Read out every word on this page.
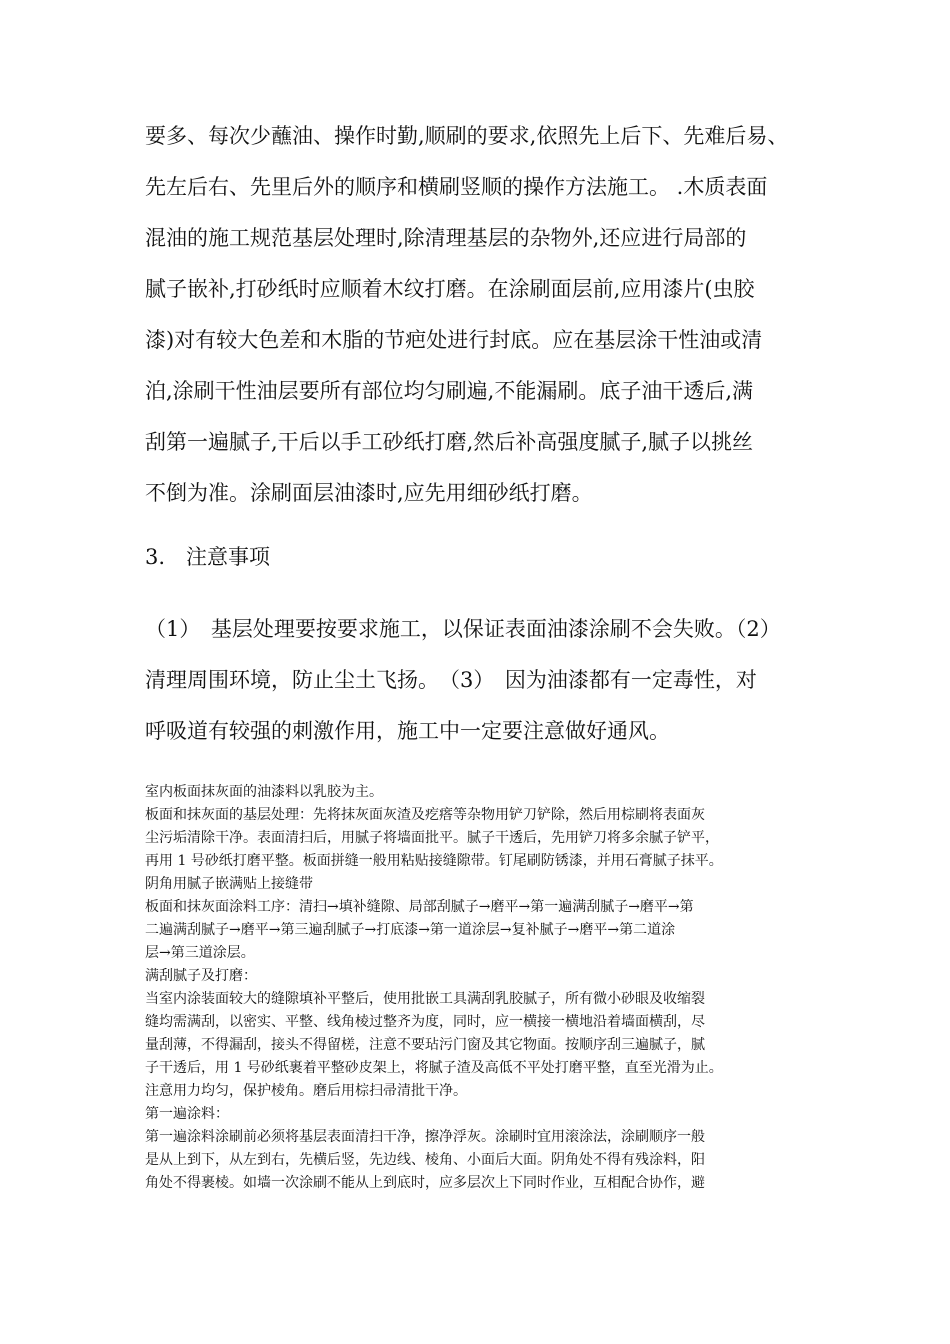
要多、每次少蘸油、操作时勤,顺刷的要求,依照先上后下、先难后易、
先左后右、先里后外的顺序和横刷竖顺的操作方法施工。 .木质表面
混油的施工规范基层处理时,除清理基层的杂物外,还应进行局部的
腻子嵌补,打砂纸时应顺着木纹打磨。在涂刷面层前,应用漆片(虫胶
漆)对有较大色差和木脂的节疤处进行封底。应在基层涂干性油或清
泊,涂刷干性油层要所有部位均匀刷遍,不能漏刷。底子油干透后,满
刮第一遍腻子,干后以手工砂纸打磨,然后补高强度腻子,腻子以挑丝
不倒为准。涂刷面层油漆时,应先用细砂纸打磨。
3.　注意事项
（1）　基层处理要按要求施工，以保证表面油漆涂刷不会失败。（2）
清理周围环境，防止尘土飞扬。　（3）　因为油漆都有一定毒性，对
呼吸道有较强的刺激作用，施工中一定要注意做好通风。
室内板面抹灰面的油漆料以乳胶为主。
板面和抹灰面的基层处理：先将抹灰面灰渣及疙瘩等杂物用铲刀铲除，然后用棕刷将表面灰
尘污垢清除干净。表面清扫后，用腻子将墙面批平。腻子干透后，先用铲刀将多余腻子铲平，
再用 1 号砂纸打磨平整。板面拼缝一般用粘贴接缝隙带。钉尾刷防锈漆，并用石膏腻子抹平。
阴角用腻子嵌满贴上接缝带
板面和抹灰面涂料工序：清扫→填补缝隙、局部刮腻子→磨平→第一遍满刮腻子→磨平→第
二遍满刮腻子→磨平→第三遍刮腻子→打底漆→第一道涂层→复补腻子→磨平→第二道涂
层→第三道涂层。
满刮腻子及打磨：
当室内涂装面较大的缝隙填补平整后，使用批嵌工具满刮乳胶腻子，所有微小砂眼及收缩裂
缝均需满刮，以密实、平整、线角棱过整齐为度，同时，应一横接一横地沿着墙面横刮，尽
量刮薄，不得漏刮，接头不得留槎，注意不要玷污门窗及其它物面。按顺序刮三遍腻子，腻
子干透后，用 1 号砂纸裹着平整砂皮架上，将腻子渣及高低不平处打磨平整，直至光滑为止。
注意用力均匀，保护棱角。磨后用棕扫帚清批干净。
第一遍涂料：
第一遍涂料涂刷前必须将基层表面清扫干净，擦净浮灰。涂刷时宜用滚涂法，涂刷顺序一般
是从上到下，从左到右，先横后竖，先边线、棱角、小面后大面。阴角处不得有残涂料，阳
角处不得裹棱。如墙一次涂刷不能从上到底时，应多层次上下同时作业，互相配合协作，避
